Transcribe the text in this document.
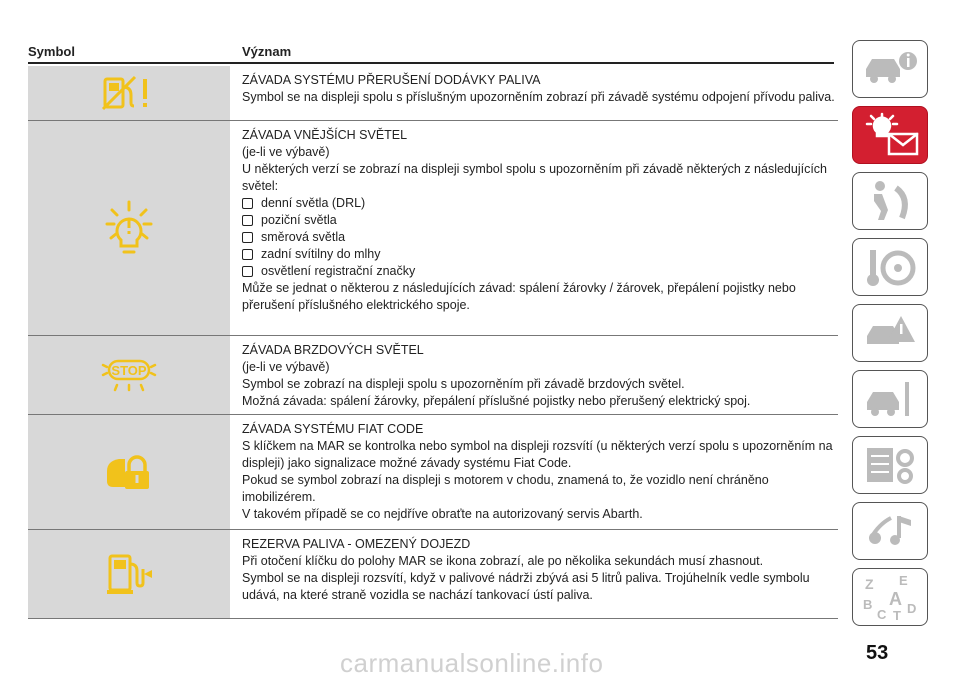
Symbol	Význam

ZÁVADA SYSTÉMU PŘERUŠENÍ DODÁVKY PALIVA

Symbol se na displeji spolu s příslušným upozorněním zobrazí při závadě systému odpojení přívodu paliva.

ZÁVADA VNĚJŠÍCH SVĚTEL

(je-li ve výbavě)

U některých verzí se zobrazí na displeji symbol spolu s upozorněním při závadě některých z následujících světel:

denní světla (DRL)

poziční světla

směrová světla

zadní svítilny do mlhy

osvětlení registrační značky

Může se jednat o některou z následujících závad: spálení žárovky / žárovek, přepálení pojistky nebo přerušení příslušného elektrického spoje.

STOP

ZÁVADA BRZDOVÝCH SVĚTEL

(je-li ve výbavě)

Symbol se zobrazí na displeji spolu s upozorněním při závadě brzdových světel.

Možná závada: spálení žárovky, přepálení příslušné pojistky nebo přerušený elektrický spoj.

ZÁVADA SYSTÉMU FIAT CODE

S klíčkem na MAR se kontrolka nebo symbol na displeji rozsvítí (u některých verzí spolu s upozorněním na displeji) jako signalizace možné závady systému Fiat Code.

Pokud se symbol zobrazí na displeji s motorem v chodu, znamená to, že vozidlo není chráněno imobilizérem.

V takovém případě se co nejdříve obraťte na autorizovaný servis Abarth.

REZERVA PALIVA - OMEZENÝ DOJEZD

Při otočení klíčku do polohy MAR se ikona zobrazí, ale po několika sekundách musí zhasnout.

Symbol se na displeji rozsvítí, když v palivové nádrži zbývá asi 5 litrů paliva. Trojúhelník vedle symbolu udává, na které straně vozidla se nachází tankovací ústí paliva.

Z E
B A
C T D
carmanualsonline.info	53
